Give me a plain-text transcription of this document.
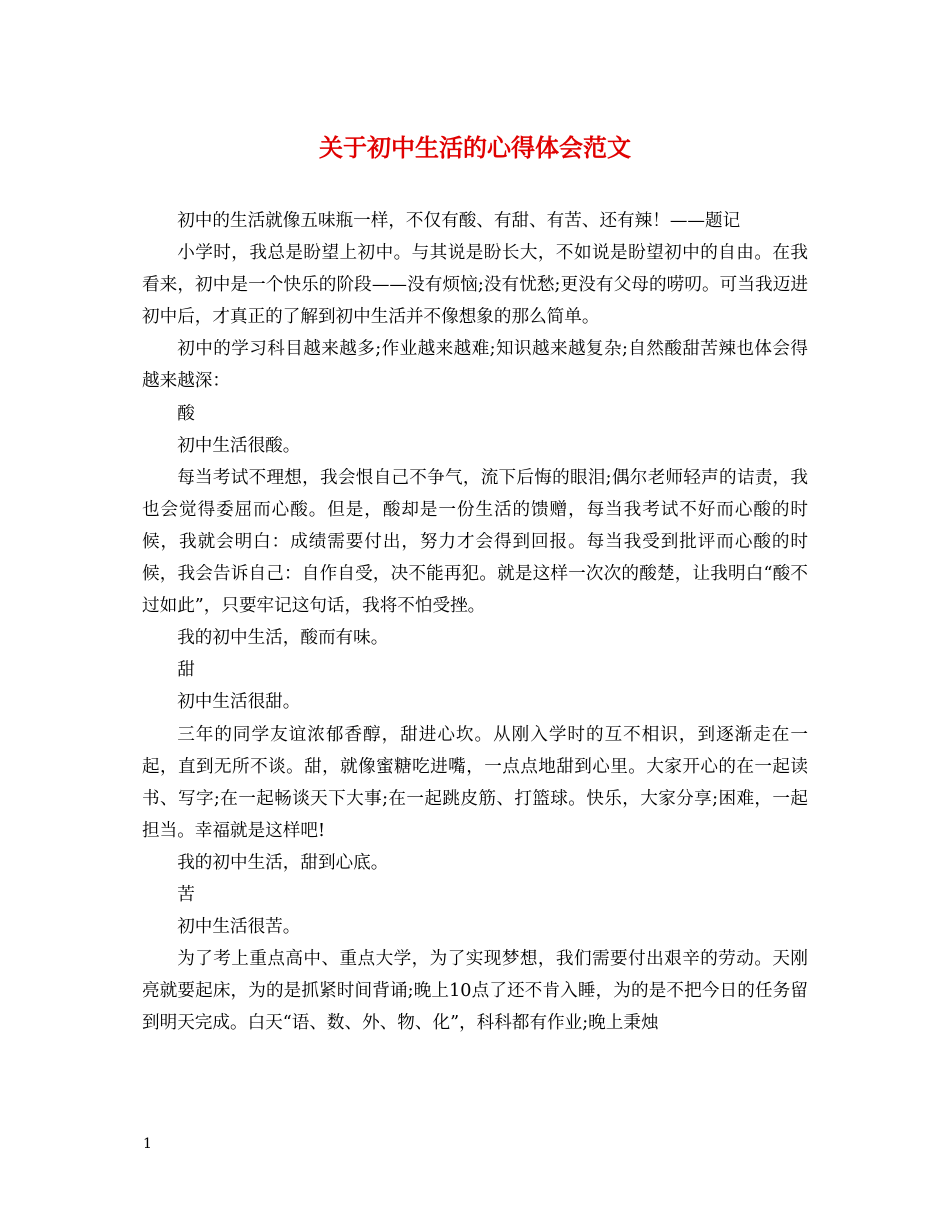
关于初中生活的心得体会范文

初中的生活就像五味瓶一样，不仅有酸、有甜、有苦、还有辣！——题记

小学时，我总是盼望上初中。与其说是盼长大，不如说是盼望初中的自由。在我看来，初中是一个快乐的阶段——没有烦恼;没有忧愁;更没有父母的唠叨。可当我迈进初中后，才真正的了解到初中生活并不像想象的那么简单。

初中的学习科目越来越多;作业越来越难;知识越来越复杂;自然酸甜苦辣也体会得越来越深：

酸

初中生活很酸。

每当考试不理想，我会恨自己不争气，流下后悔的眼泪;偶尔老师轻声的诘责，我也会觉得委屈而心酸。但是，酸却是一份生活的馈赠，每当我考试不好而心酸的时候，我就会明白：成绩需要付出，努力才会得到回报。每当我受到批评而心酸的时候，我会告诉自己：自作自受，决不能再犯。就是这样一次次的酸楚，让我明白“酸不过如此”，只要牢记这句话，我将不怕受挫。

我的初中生活，酸而有味。

甜

初中生活很甜。

三年的同学友谊浓郁香醇，甜进心坎。从刚入学时的互不相识，到逐渐走在一起，直到无所不谈。甜，就像蜜糖吃进嘴，一点点地甜到心里。大家开心的在一起读书、写字;在一起畅谈天下大事;在一起跳皮筋、打篮球。快乐，大家分享;困难，一起担当。幸福就是这样吧!

我的初中生活，甜到心底。

苦

初中生活很苦。

为了考上重点高中、重点大学，为了实现梦想，我们需要付出艰辛的劳动。天刚亮就要起床，为的是抓紧时间背诵;晚上10点了还不肯入睡，为的是不把今日的任务留到明天完成。白天“语、数、外、物、化”，科科都有作业;晚上秉烛

1
